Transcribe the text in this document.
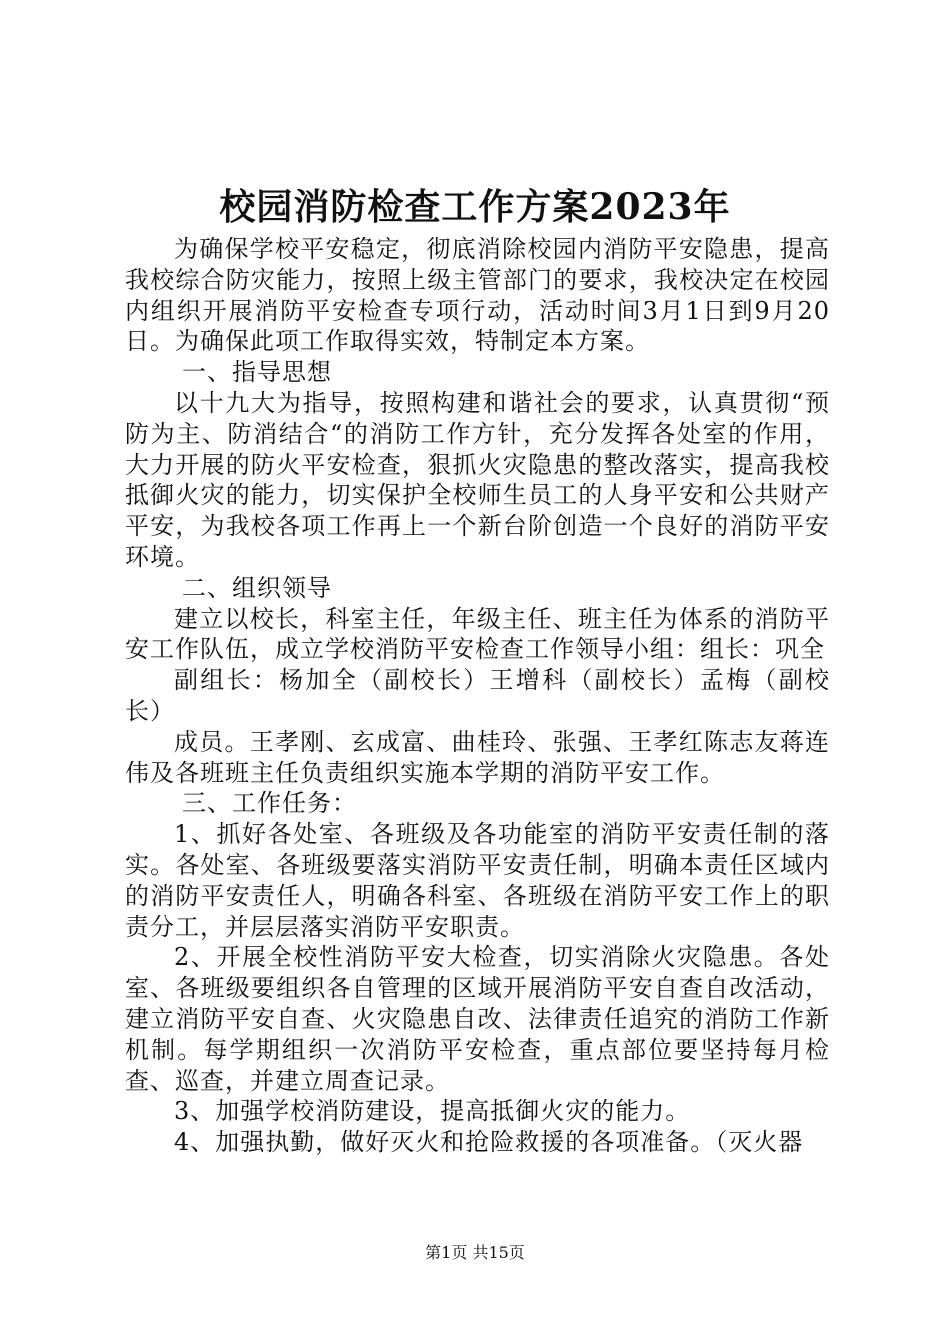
校园消防检查工作方案2023年

为确保学校平安稳定，彻底消除校园内消防平安隐患，提高我校综合防灾能力，按照上级主管部门的要求，我校决定在校园内组织开展消防平安检查专项行动，活动时间3月1日到9月20日。为确保此项工作取得实效，特制定本方案。

一、指导思想

以十九大为指导，按照构建和谐社会的要求，认真贯彻“预防为主、防消结合“的消防工作方针，充分发挥各处室的作用，大力开展的防火平安检查，狠抓火灾隐患的整改落实，提高我校抵御火灾的能力，切实保护全校师生员工的人身平安和公共财产平安，为我校各项工作再上一个新台阶创造一个良好的消防平安环境。

二、组织领导

建立以校长，科室主任，年级主任、班主任为体系的消防平安工作队伍，成立学校消防平安检查工作领导小组：组长：巩全

副组长：杨加全（副校长）王增科（副校长）孟梅（副校长）

成员。王孝刚、玄成富、曲桂玲、张强、王孝红陈志友蒋连伟及各班班主任负责组织实施本学期的消防平安工作。

三、工作任务：

1、抓好各处室、各班级及各功能室的消防平安责任制的落实。各处室、各班级要落实消防平安责任制，明确本责任区域内的消防平安责任人，明确各科室、各班级在消防平安工作上的职责分工，并层层落实消防平安职责。

2、开展全校性消防平安大检查，切实消除火灾隐患。各处室、各班级要组织各自管理的区域开展消防平安自查自改活动，建立消防平安自查、火灾隐患自改、法律责任追究的消防工作新机制。每学期组织一次消防平安检查，重点部位要坚持每月检查、巡查，并建立周查记录。

3、加强学校消防建设，提高抵御火灾的能力。

4、加强执勤，做好灭火和抢险救援的各项准备。（灭火器

第1页 共15页
